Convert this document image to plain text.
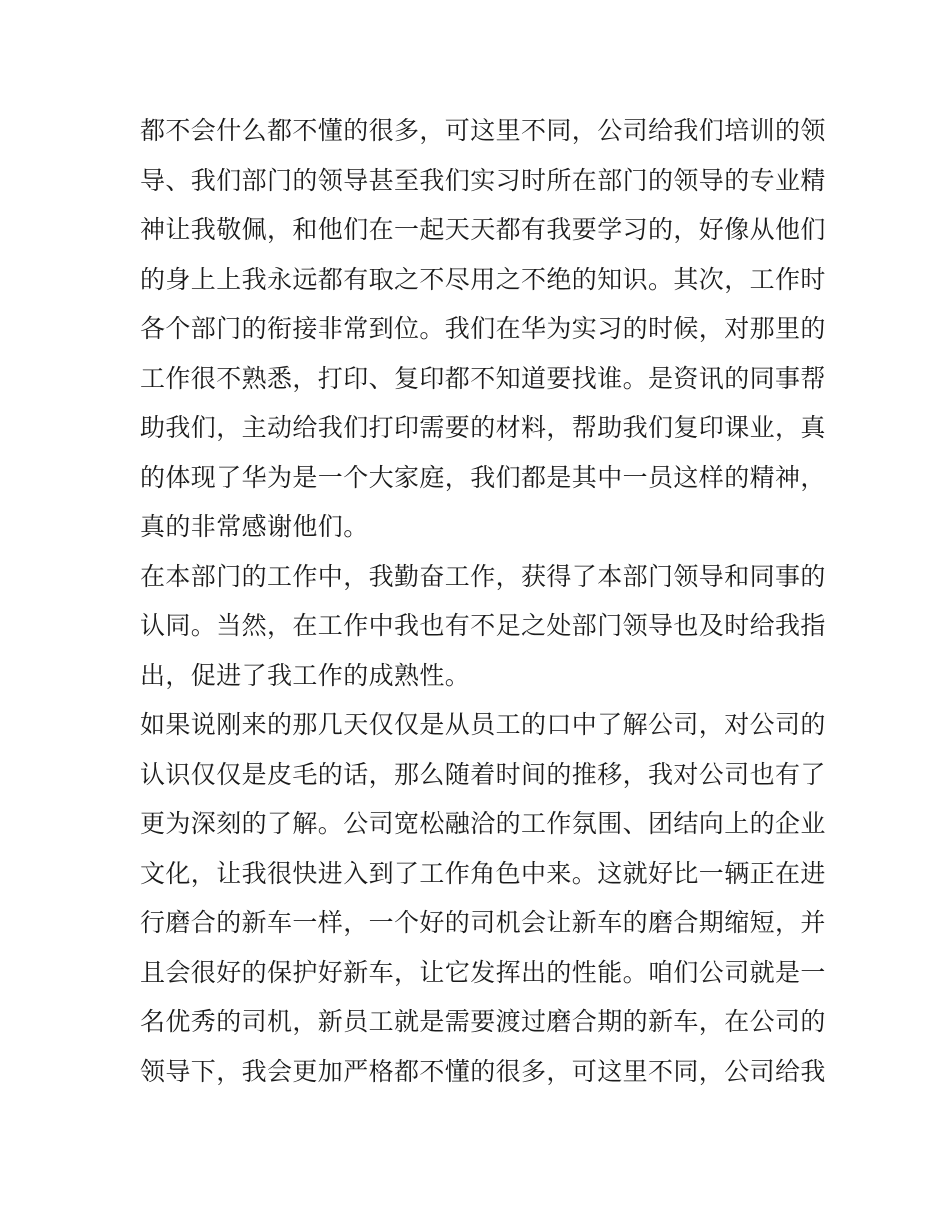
都不会什么都不懂的很多，可这里不同，公司给我们培训的领
导、我们部门的领导甚至我们实习时所在部门的领导的专业精
神让我敬佩，和他们在一起天天都有我要学习的，好像从他们
的身上上我永远都有取之不尽用之不绝的知识。其次，工作时
各个部门的衔接非常到位。我们在华为实习的时候，对那里的
工作很不熟悉，打印、复印都不知道要找谁。是资讯的同事帮
助我们，主动给我们打印需要的材料，帮助我们复印课业，真
的体现了华为是一个大家庭，我们都是其中一员这样的精神，
真的非常感谢他们。
在本部门的工作中，我勤奋工作，获得了本部门领导和同事的
认同。当然，在工作中我也有不足之处部门领导也及时给我指
出，促进了我工作的成熟性。
如果说刚来的那几天仅仅是从员工的口中了解公司，对公司的
认识仅仅是皮毛的话，那么随着时间的推移，我对公司也有了
更为深刻的了解。公司宽松融洽的工作氛围、团结向上的企业
文化，让我很快进入到了工作角色中来。这就好比一辆正在进
行磨合的新车一样，一个好的司机会让新车的磨合期缩短，并
且会很好的保护好新车，让它发挥出的性能。咱们公司就是一
名优秀的司机，新员工就是需要渡过磨合期的新车，在公司的
领导下，我会更加严格都不懂的很多，可这里不同，公司给我
